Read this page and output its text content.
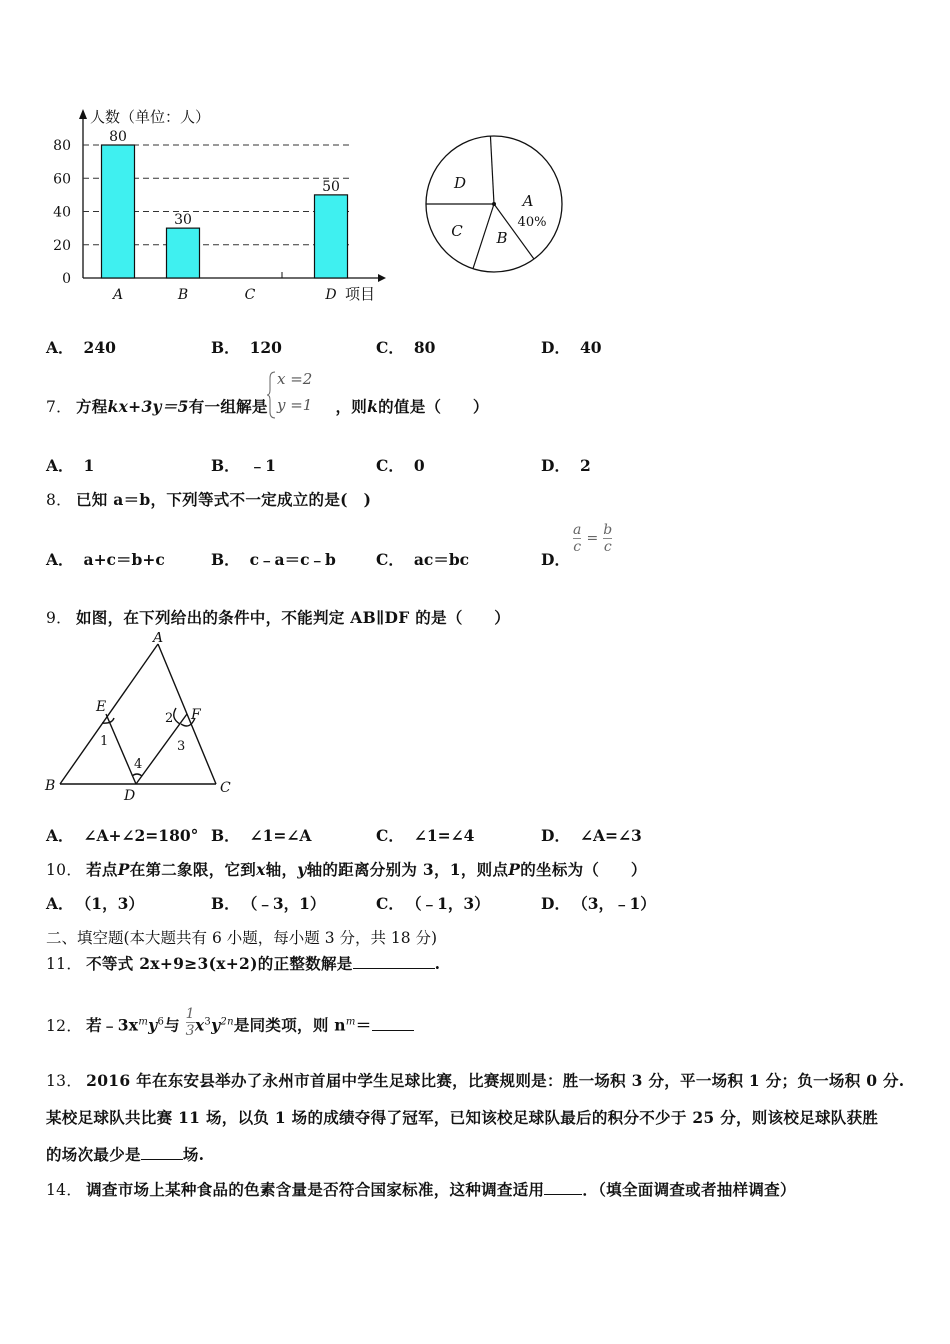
0
20
40
60
80
人数（单位：人）
项目
80
A
30
B	C
50
D
A
40%
B
C
D
A． 240	B． 120	C． 80	D． 40
7． 方程kx+3y＝5有一组解是	，则k的值是（　　）
x =2
y =1
A． 1	B． ﹣1	C． 0	D． 2
8． 已知 a＝b，下列等式不一定成立的是(　)
A． a+c＝b+c	B． c﹣a＝c﹣b	C． ac＝bc	D．
$\frac{a}{c} = \frac{b}{c}$
9． 如图，在下列给出的条件中，不能判定 AB∥DF 的是（　　）
A
B	C
D
E	F
1
2
3
4
A． ∠A+∠2=180° B． ∠1=∠A	C． ∠1=∠4	D． ∠A=∠3
10． 若点P在第二象限，它到x轴，y轴的距离分别为 3，1，则点P的坐标为（　　）
A． （1，3）	B． （﹣3，1）	C． （﹣1，3）	D． （3，﹣1）
二、填空题(本大题共有 6 小题，每小题 3 分，共 18 分)
11． 不等式 2x+9≥3(x+2)的正整数解是	.
12． 若$﹣3x^my^6$与 $\frac{1}{3} x^3y^{2n}$是同类项，则 $n^m=$
13． 2016 年在东安县举办了永州市首届中学生足球比赛，比赛规则是：胜一场积 3 分，平一场积 1 分；负一场积 0 分.
某校足球队共比赛 11 场，以负 1 场的成绩夺得了冠军，已知该校足球队最后的积分不少于 25 分，则该校足球队获胜
的场次最少是	场.
14． 调查市场上某种食品的色素含量是否符合国家标准，这种调查适用 ．（填全面调查或者抽样调查）
